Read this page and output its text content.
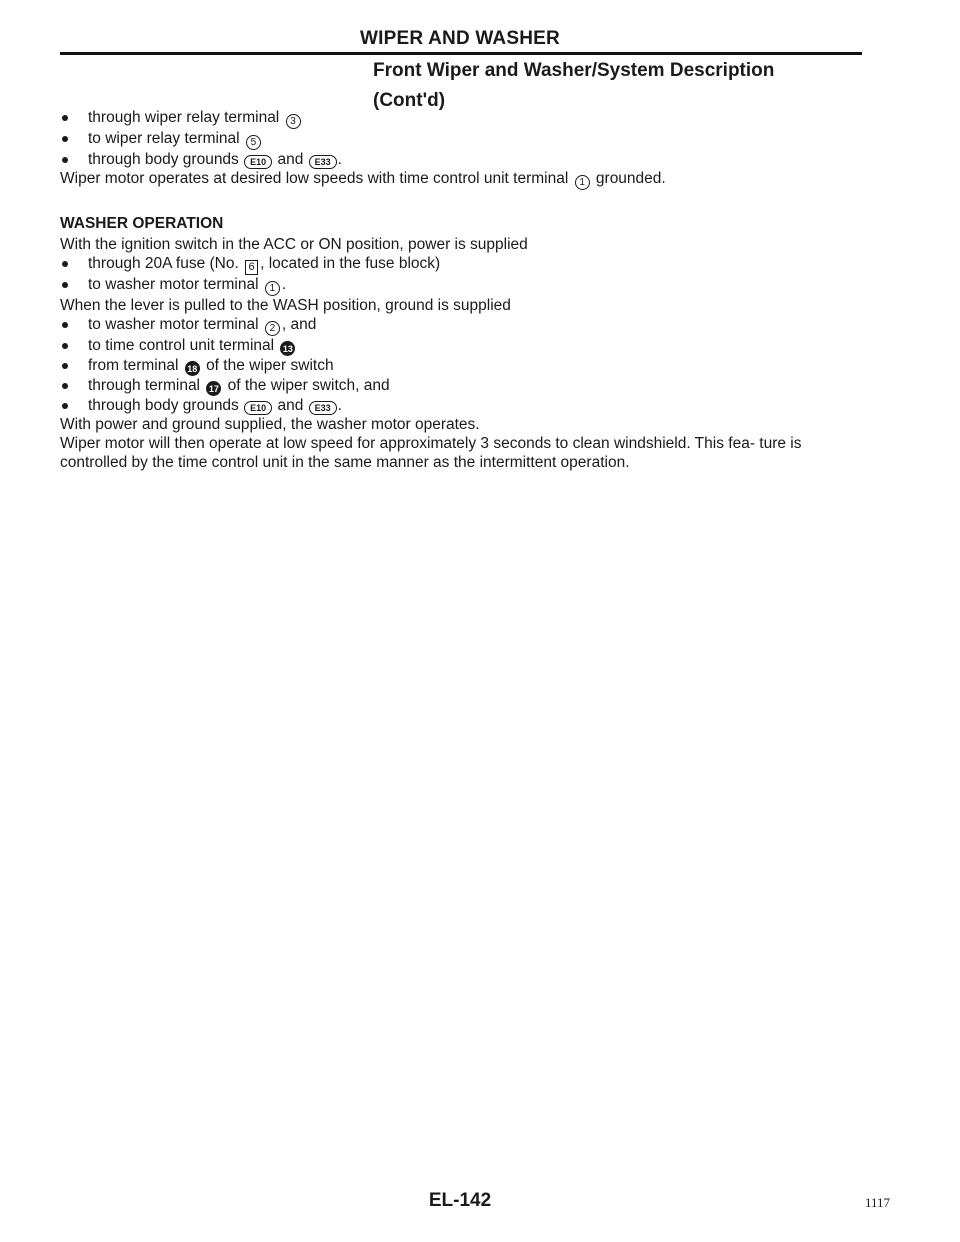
WIPER AND WASHER
Front Wiper and Washer/System Description
(Cont'd)
through wiper relay terminal 3
to wiper relay terminal 5
through body grounds E10 and E33 .
Wiper motor operates at desired low speeds with time control unit terminal 1 grounded.
WASHER OPERATION
With the ignition switch in the ACC or ON position, power is supplied
through 20A fuse (No. 6 , located in the fuse block)
to washer motor terminal 1 .
When the lever is pulled to the WASH position, ground is supplied
to washer motor terminal 2 , and
to time control unit terminal 13
from terminal 18 of the wiper switch
through terminal 17 of the wiper switch, and
through body grounds E10 and E33 .
With power and ground supplied, the washer motor operates.
Wiper motor will then operate at low speed for approximately 3 seconds to clean windshield. This fea- ture is controlled by the time control unit in the same manner as the intermittent operation.
EL-142	1117
